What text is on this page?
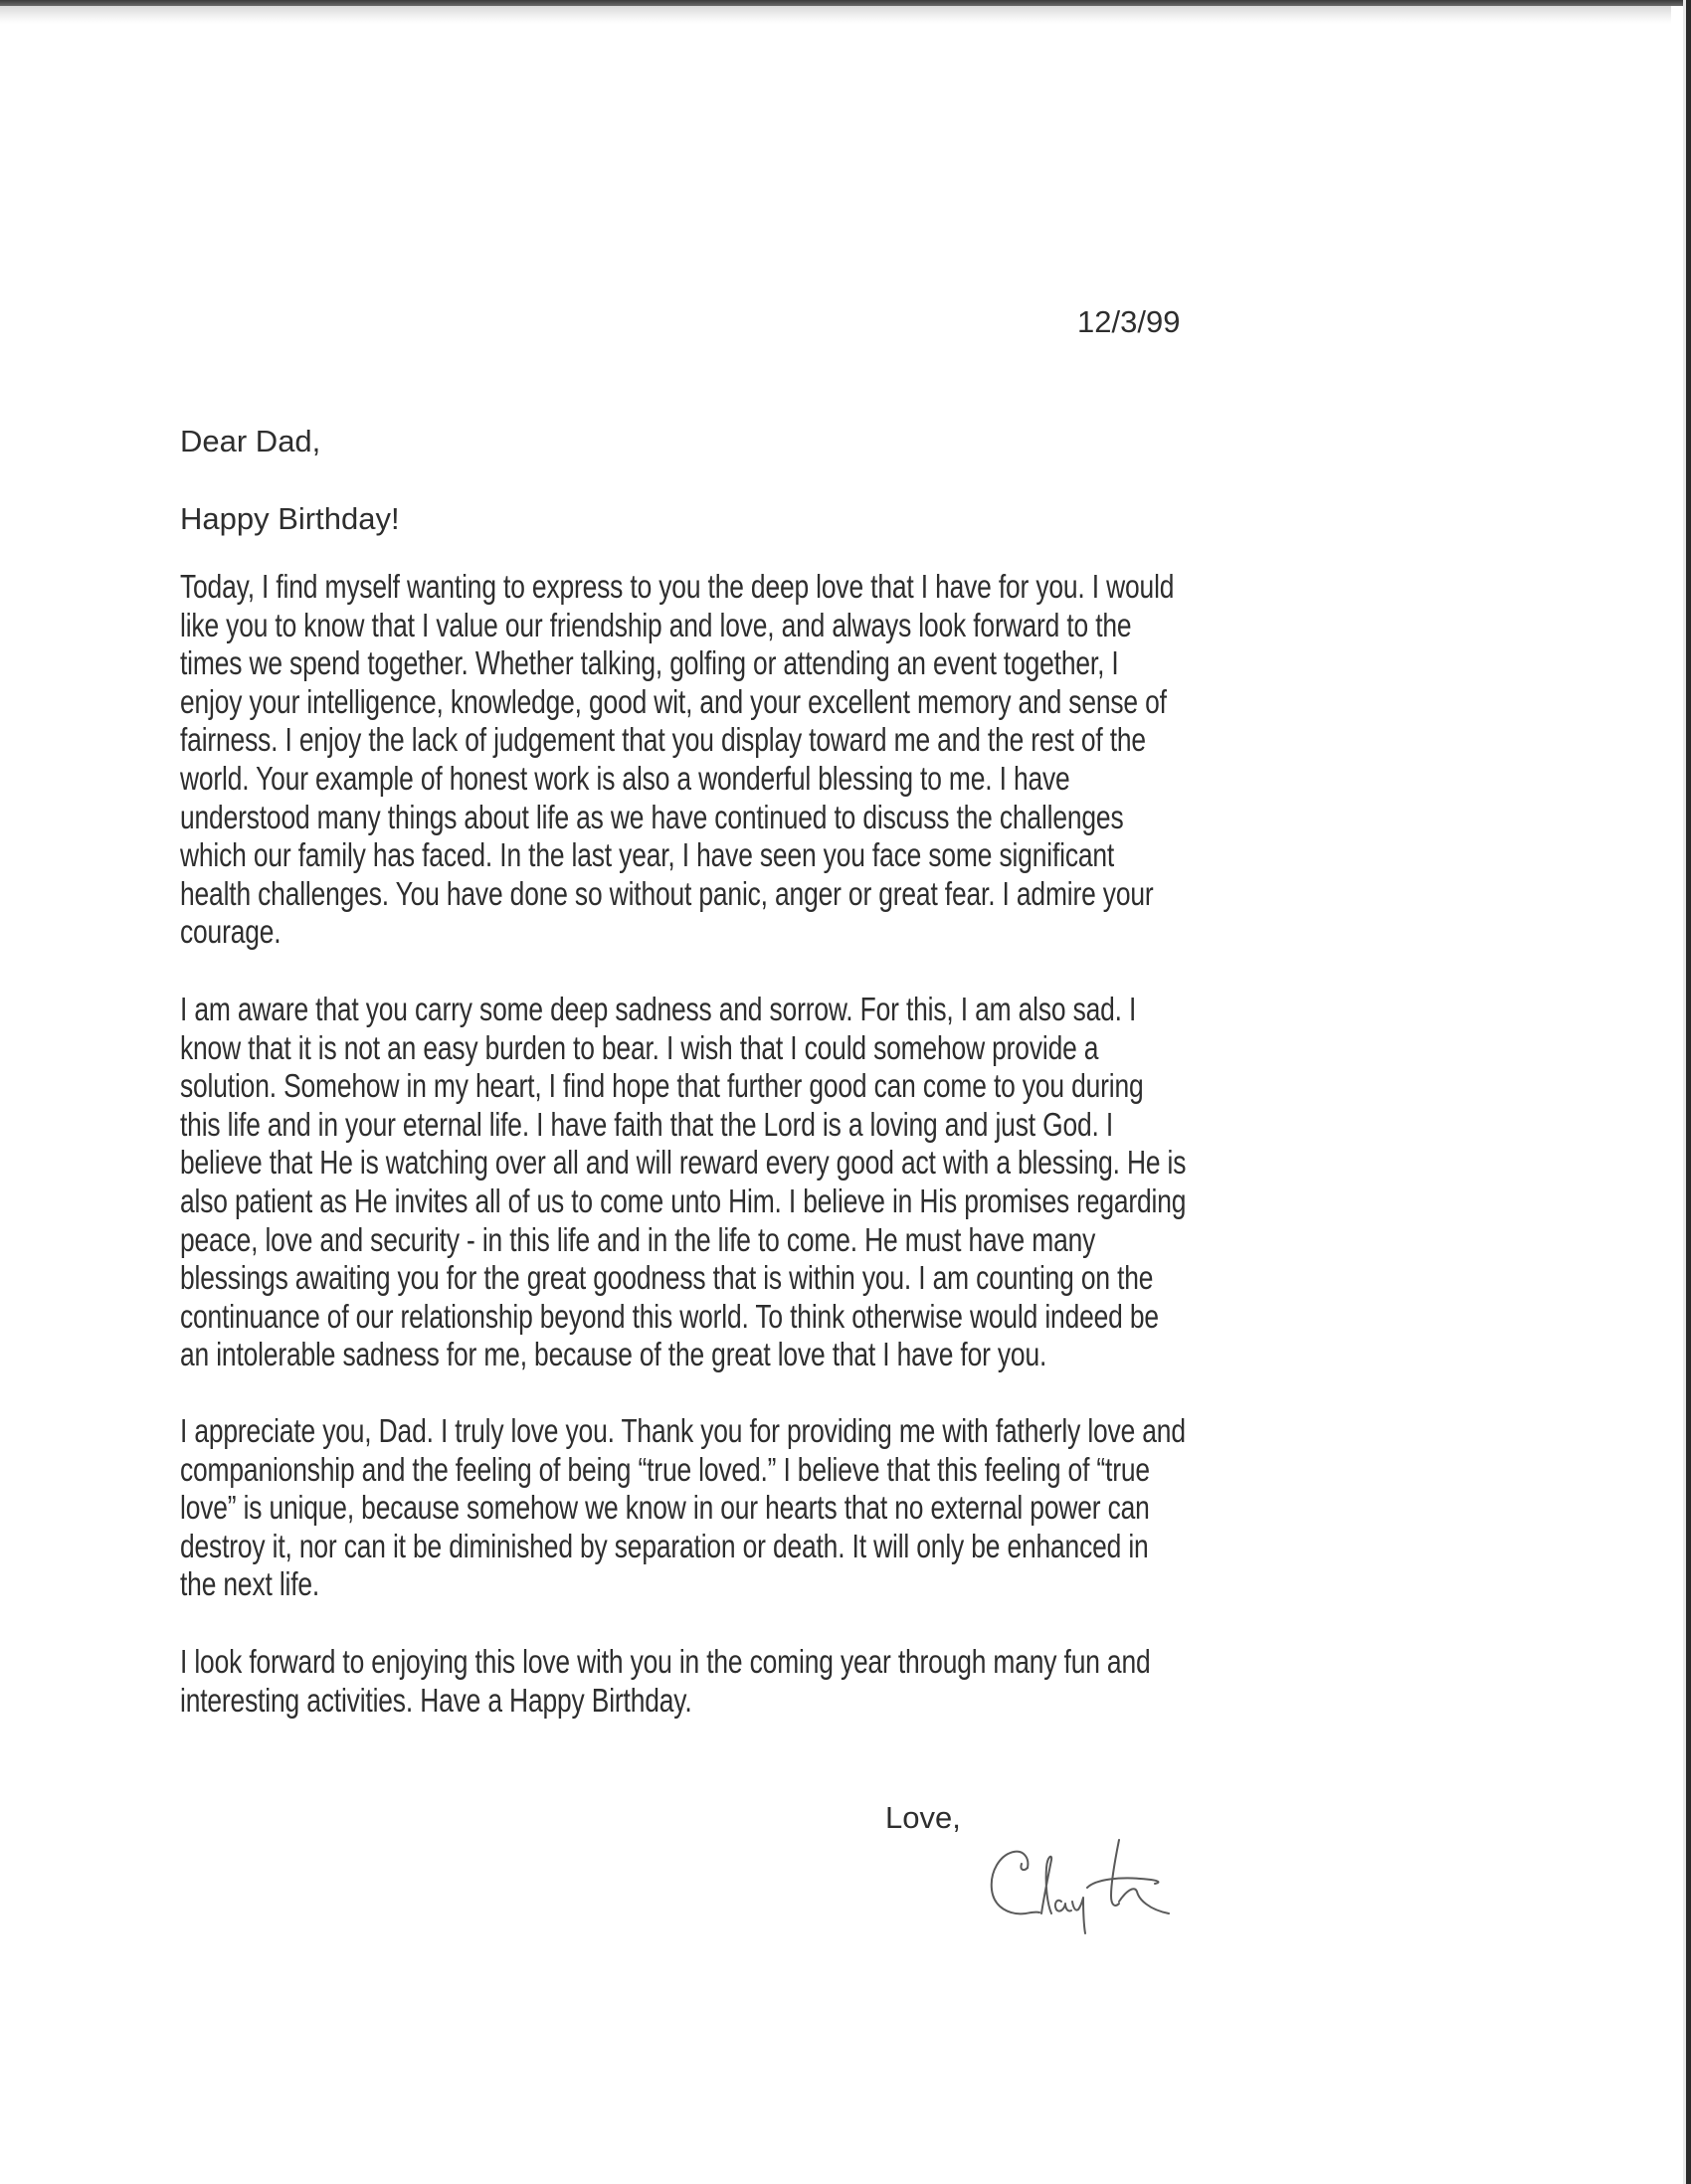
12/3/99
Dear Dad,
Happy Birthday!
Today, I find myself wanting to express to you the deep love that I have for you. I would
like you to know that I value our friendship and love, and always look forward to the
times we spend together. Whether talking, golfing or attending an event together, I
enjoy your intelligence, knowledge, good wit, and your excellent memory and sense of
fairness. I enjoy the lack of judgement that you display toward me and the rest of the
world. Your example of honest work is also a wonderful blessing to me. I have
understood many things about life as we have continued to discuss the challenges
which our family has faced. In the last year, I have seen you face some significant
health challenges. You have done so without panic, anger or great fear. I admire your
courage.
I am aware that you carry some deep sadness and sorrow. For this, I am also sad. I
know that it is not an easy burden to bear. I wish that I could somehow provide a
solution. Somehow in my heart, I find hope that further good can come to you during
this life and in your eternal life. I have faith that the Lord is a loving and just God. I
believe that He is watching over all and will reward every good act with a blessing. He is
also patient as He invites all of us to come unto Him. I believe in His promises regarding
peace, love and security - in this life and in the life to come. He must have many
blessings awaiting you for the great goodness that is within you. I am counting on the
continuance of our relationship beyond this world. To think otherwise would indeed be
an intolerable sadness for me, because of the great love that I have for you.
I appreciate you, Dad. I truly love you. Thank you for providing me with fatherly love and
companionship and the feeling of being “true loved.” I believe that this feeling of “true
love” is unique, because somehow we know in our hearts that no external power can
destroy it, nor can it be diminished by separation or death. It will only be enhanced in
the next life.
I look forward to enjoying this love with you in the coming year through many fun and
interesting activities. Have a Happy Birthday.
Love,
